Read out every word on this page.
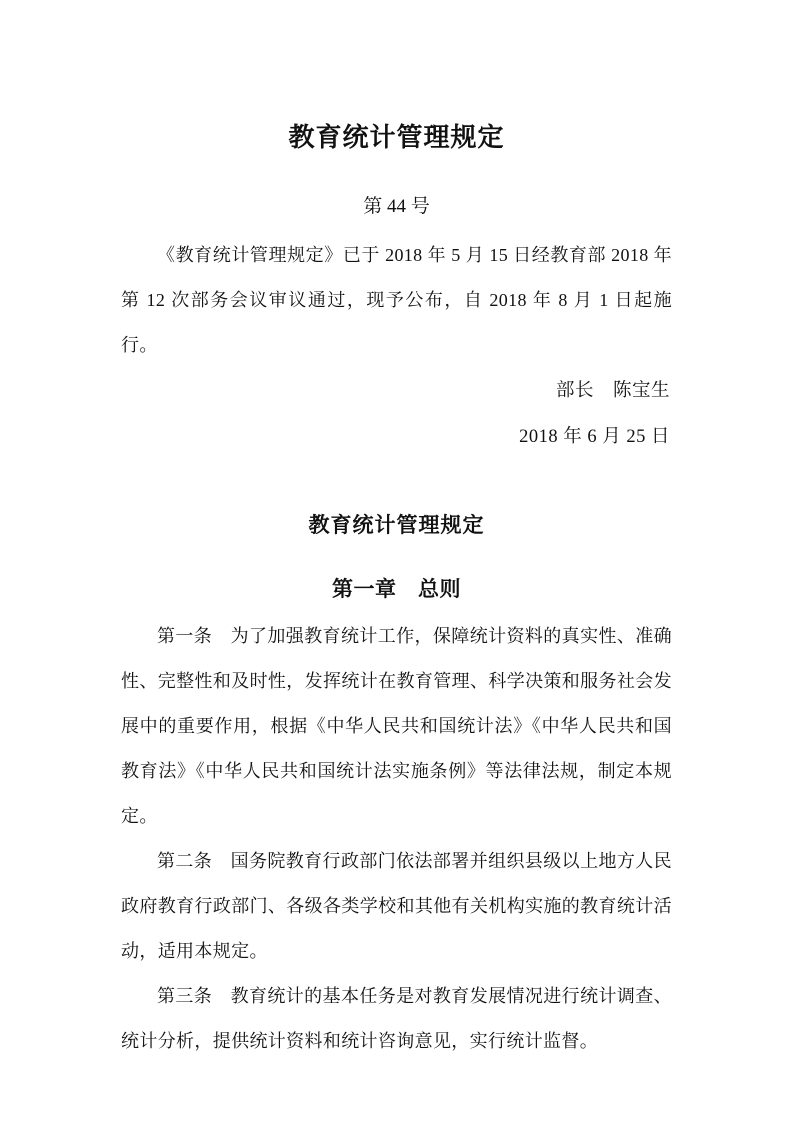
教育统计管理规定
第 44 号

《教育统计管理规定》已于 2018 年 5 月 15 日经教育部 2018 年第 12 次部务会议审议通过，现予公布，自 2018 年 8 月 1 日起施行。

部长　陈宝生
2018 年 6 月 25 日
教育统计管理规定
第一章　总则

第一条　为了加强教育统计工作，保障统计资料的真实性、准确性、完整性和及时性，发挥统计在教育管理、科学决策和服务社会发展中的重要作用，根据《中华人民共和国统计法》《中华人民共和国教育法》《中华人民共和国统计法实施条例》等法律法规，制定本规定。

第二条　国务院教育行政部门依法部署并组织县级以上地方人民政府教育行政部门、各级各类学校和其他有关机构实施的教育统计活动，适用本规定。

第三条　教育统计的基本任务是对教育发展情况进行统计调查、统计分析，提供统计资料和统计咨询意见，实行统计监督。
